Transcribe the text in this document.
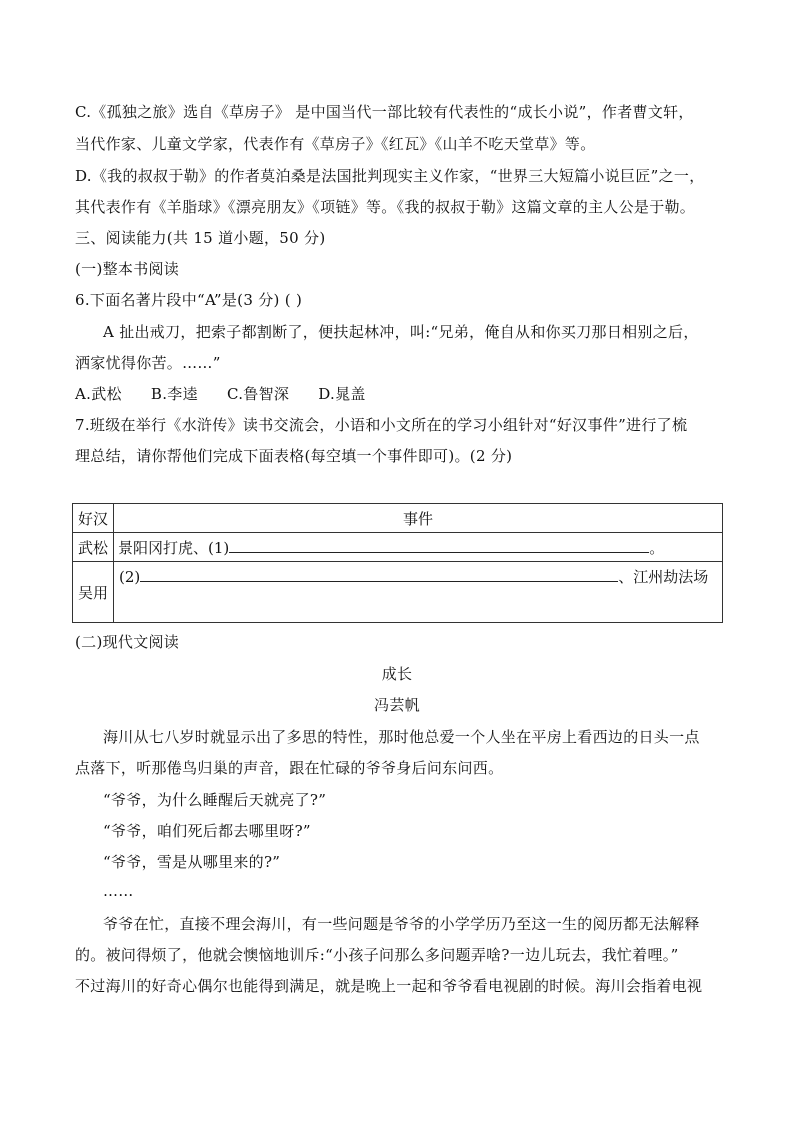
C.《孤独之旅》选自《草房子》 是中国当代一部比较有代表性的“成长小说”，作者曹文轩，
当代作家、儿童文学家，代表作有《草房子》《红瓦》《山羊不吃天堂草》等。
D.《我的叔叔于勒》的作者莫泊桑是法国批判现实主义作家，“世界三大短篇小说巨匠”之一，
其代表作有《羊脂球》《漂亮朋友》《项链》等。《我的叔叔于勒》这篇文章的主人公是于勒。
三、阅读能力(共 15 道小题，50 分)
(一)整本书阅读
6.下面名著片段中“A”是(3 分) ( )
A 扯出戒刀，把索子都割断了，便扶起林冲，叫:“兄弟，俺自从和你买刀那日相别之后，
洒家忧得你苦。……”
A.武松 B.李逵 C.鲁智深 D.晁盖
7.班级在举行《水浒传》读书交流会，小语和小文所在的学习小组针对“好汉事件”进行了梳
理总结，请你帮他们完成下面表格(每空填一个事件即可)。(2 分)
好汉	事件
武松	景阳冈打虎、(1) 。
吴用	(2) 、江州劫法场
(二)现代文阅读
成长
冯芸帆
海川从七八岁时就显示出了多思的特性，那时他总爱一个人坐在平房上看西边的日头一点
点落下，听那倦鸟归巢的声音，跟在忙碌的爷爷身后问东问西。
“爷爷，为什么睡醒后天就亮了?”
“爷爷，咱们死后都去哪里呀?”
“爷爷，雪是从哪里来的?”
……
爷爷在忙，直接不理会海川，有一些问题是爷爷的小学学历乃至这一生的阅历都无法解释
的。被问得烦了，他就会懊恼地训斥:“小孩子问那么多问题弄啥?一边儿玩去，我忙着哩。”
不过海川的好奇心偶尔也能得到满足，就是晚上一起和爷爷看电视剧的时候。海川会指着电视
